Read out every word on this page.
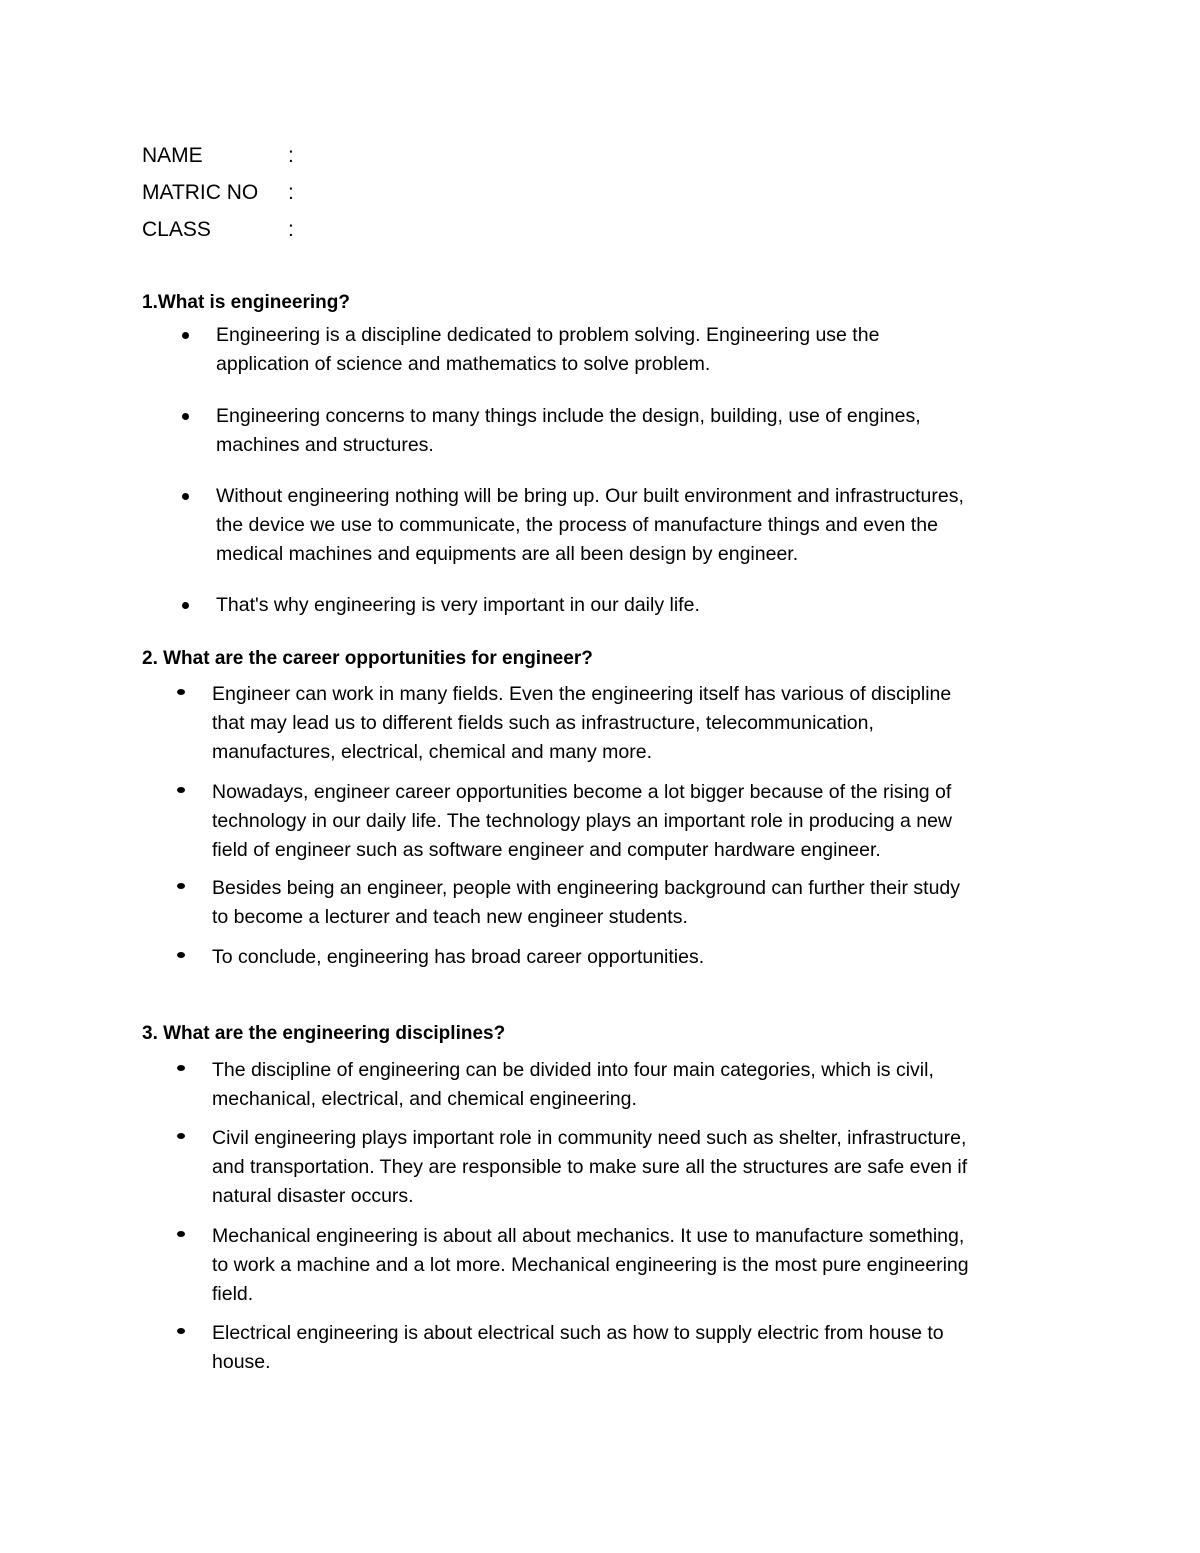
NAME	:
MATRIC NO :
CLASS	:
1.What is engineering?
Engineering is a discipline dedicated to problem solving. Engineering use the
application of science and mathematics to solve problem.
Engineering concerns to many things include the design, building, use of engines,
machines and structures.
Without engineering nothing will be bring up. Our built environment and infrastructures,
the device we use to communicate, the process of manufacture things and even the
medical machines and equipments are all been design by engineer.
That's why engineering is very important in our daily life.
2. What are the career opportunities for engineer?
Engineer can work in many fields. Even the engineering itself has various of discipline
that may lead us to different fields such as infrastructure, telecommunication,
manufactures, electrical, chemical and many more.
Nowadays, engineer career opportunities become a lot bigger because of the rising of
technology in our daily life. The technology plays an important role in producing a new
field of engineer such as software engineer and computer hardware engineer.
Besides being an engineer, people with engineering background can further their study
to become a lecturer and teach new engineer students.
To conclude, engineering has broad career opportunities.
3. What are the engineering disciplines?
The discipline of engineering can be divided into four main categories, which is civil,
mechanical, electrical, and chemical engineering.
Civil engineering plays important role in community need such as shelter, infrastructure,
and transportation. They are responsible to make sure all the structures are safe even if
natural disaster occurs.
Mechanical engineering is about all about mechanics. It use to manufacture something,
to work a machine and a lot more. Mechanical engineering is the most pure engineering
field.
Electrical engineering is about electrical such as how to supply electric from house to
house.
